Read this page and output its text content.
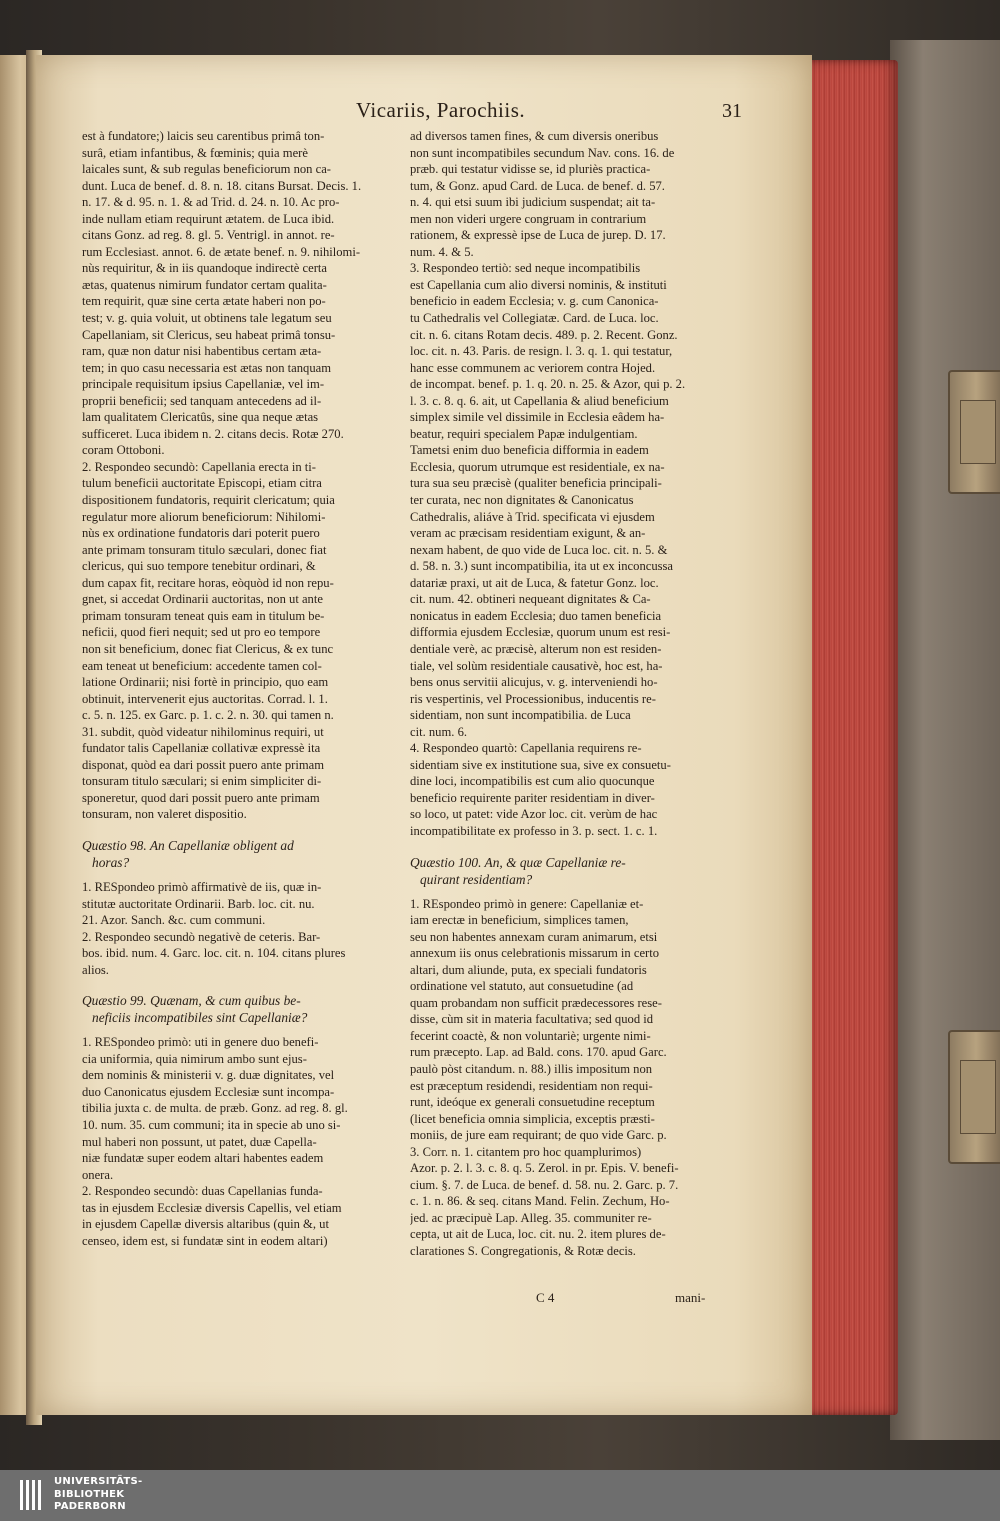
Vicariis, Parochiis.	31
est à fundatore;) laicis seu carentibus primâ ton-
surâ, etiam infantibus, & fœminis; quia merè
laicales sunt, & sub regulas beneficiorum non ca-
dunt. Luca de benef. d. 8. n. 18. citans Bursat. Decis. 1.
n. 17. & d. 95. n. 1. & ad Trid. d. 24. n. 10. Ac pro-
inde nullam etiam requirunt ætatem. de Luca ibid.
citans Gonz. ad reg. 8. gl. 5. Ventrigl. in annot. re-
rum Ecclesiast. annot. 6. de ætate benef. n. 9. nihilomi-
nùs requiritur, & in iis quandoque indirectè certa
ætas, quatenus nimirum fundator certam qualita-
tem requirit, quæ sine certa ætate haberi non po-
test; v. g. quia voluit, ut obtinens tale legatum seu
Capellaniam, sit Clericus, seu habeat primâ tonsu-
ram, quæ non datur nisi habentibus certam æta-
tem; in quo casu necessaria est ætas non tanquam
principale requisitum ipsius Capellaniæ, vel im-
proprii beneficii; sed tanquam antecedens ad il-
lam qualitatem Clericatûs, sine qua neque ætas
sufficeret. Luca ibidem n. 2. citans decis. Rotæ 270.
coram Ottoboni.
2. Respondeo secundò: Capellania erecta in ti-
tulum beneficii auctoritate Episcopi, etiam citra
dispositionem fundatoris, requirit clericatum; quia
regulatur more aliorum beneficiorum: Nihilomi-
nùs ex ordinatione fundatoris dari poterit puero
ante primam tonsuram titulo sæculari, donec fiat
clericus, qui suo tempore tenebitur ordinari, &
dum capax fit, recitare horas, eòquòd id non repu-
gnet, si accedat Ordinarii auctoritas, non ut ante
primam tonsuram teneat quis eam in titulum be-
neficii, quod fieri nequit; sed ut pro eo tempore
non sit beneficium, donec fiat Clericus, & ex tunc
eam teneat ut beneficium: accedente tamen col-
latione Ordinarii; nisi fortè in principio, quo eam
obtinuit, intervenerit ejus auctoritas. Corrad. l. 1.
c. 5. n. 125. ex Garc. p. 1. c. 2. n. 30. qui tamen n.
31. subdit, quòd videatur nihilominus requiri, ut
fundator talis Capellaniæ collativæ expressè ita
disponat, quòd ea dari possit puero ante primam
tonsuram titulo sæculari; si enim simpliciter di-
sponeretur, quod dari possit puero ante primam
tonsuram, non valeret dispositio.
Quæstio 98. An Capellaniæ obligent ad
horas?
1. RESpondeo primò affirmativè de iis, quæ in-
stitutæ auctoritate Ordinarii. Barb. loc. cit. nu.
21. Azor. Sanch. &c. cum communi.
2. Respondeo secundò negativè de ceteris. Bar-
bos. ibid. num. 4. Garc. loc. cit. n. 104. citans plures
alios.
Quæstio 99. Quænam, & cum quibus be-
neficiis incompatibiles sint Capellaniæ?
1. RESpondeo primò: uti in genere duo benefi-
cia uniformia, quia nimirum ambo sunt ejus-
dem nominis & ministerii v. g. duæ dignitates, vel
duo Canonicatus ejusdem Ecclesiæ sunt incompa-
tibilia juxta c. de multa. de præb. Gonz. ad reg. 8. gl.
10. num. 35. cum communi; ita in specie ab uno si-
mul haberi non possunt, ut patet, duæ Capella-
niæ fundatæ super eodem altari habentes eadem
onera.
2. Respondeo secundò: duas Capellanias funda-
tas in ejusdem Ecclesiæ diversis Capellis, vel etiam
in ejusdem Capellæ diversis altaribus (quin &, ut
censeo, idem est, si fundatæ sint in eodem altari)
ad diversos tamen fines, & cum diversis oneribus
non sunt incompatibiles secundum Nav. cons. 16. de
præb. qui testatur vidisse se, id pluriès practica-
tum, & Gonz. apud Card. de Luca. de benef. d. 57.
n. 4. qui etsi suum ibi judicium suspendat; ait ta-
men non videri urgere congruam in contrarium
rationem, & expressè ipse de Luca de jurep. D. 17.
num. 4. & 5.
3. Respondeo tertiò: sed neque incompatibilis
est Capellania cum alio diversi nominis, & instituti
beneficio in eadem Ecclesia; v. g. cum Canonica-
tu Cathedralis vel Collegiatæ. Card. de Luca. loc.
cit. n. 6. citans Rotam decis. 489. p. 2. Recent. Gonz.
loc. cit. n. 43. Paris. de resign. l. 3. q. 1. qui testatur,
hanc esse communem ac veriorem contra Hojed.
de incompat. benef. p. 1. q. 20. n. 25. & Azor, qui p. 2.
l. 3. c. 8. q. 6. ait, ut Capellania & aliud beneficium
simplex simile vel dissimile in Ecclesia eâdem ha-
beatur, requiri specialem Papæ indulgentiam.
Tametsi enim duo beneficia difformia in eadem
Ecclesia, quorum utrumque est residentiale, ex na-
tura sua seu præcisè (qualiter beneficia principali-
ter curata, nec non dignitates & Canonicatus
Cathedralis, aliáve à Trid. specificata vi ejusdem
veram ac præcisam residentiam exigunt, & an-
nexam habent, de quo vide de Luca loc. cit. n. 5. &
d. 58. n. 3.) sunt incompatibilia, ita ut ex inconcussa
datariæ praxi, ut ait de Luca, & fatetur Gonz. loc.
cit. num. 42. obtineri nequeant dignitates & Ca-
nonicatus in eadem Ecclesia; duo tamen beneficia
difformia ejusdem Ecclesiæ, quorum unum est resi-
dentiale verè, ac præcisè, alterum non est residen-
tiale, vel solùm residentiale causativè, hoc est, ha-
bens onus servitii alicujus, v. g. interveniendi ho-
ris vespertinis, vel Processionibus, inducentis re-
sidentiam, non sunt incompatibilia. de Luca
cit. num. 6.
4. Respondeo quartò: Capellania requirens re-
sidentiam sive ex institutione sua, sive ex consuetu-
dine loci, incompatibilis est cum alio quocunque
beneficio requirente pariter residentiam in diver-
so loco, ut patet: vide Azor loc. cit. verùm de hac
incompatibilitate ex professo in 3. p. sect. 1. c. 1.
Quæstio 100. An, & quæ Capellaniæ re-
quirant residentiam?
1. REspondeo primò in genere: Capellaniæ et-
iam erectæ in beneficium, simplices tamen,
seu non habentes annexam curam animarum, etsi
annexum iis onus celebrationis missarum in certo
altari, dum aliunde, puta, ex speciali fundatoris
ordinatione vel statuto, aut consuetudine (ad
quam probandam non sufficit prædecessores rese-
disse, cùm sit in materia facultativa; sed quod id
fecerint coactè, & non voluntariè; urgente nimi-
rum præcepto. Lap. ad Bald. cons. 170. apud Garc.
paulò pòst citandum. n. 88.) illis impositum non
est præceptum residendi, residentiam non requi-
runt, ideóque ex generali consuetudine receptum
(licet beneficia omnia simplicia, exceptis præsti-
moniis, de jure eam requirant; de quo vide Garc. p.
3. Corr. n. 1. citantem pro hoc quamplurimos)
Azor. p. 2. l. 3. c. 8. q. 5. Zerol. in pr. Epis. V. benefi-
cium. §. 7. de Luca. de benef. d. 58. nu. 2. Garc. p. 7.
c. 1. n. 86. & seq. citans Mand. Felin. Zechum, Ho-
jed. ac præcipuè Lap. Alleg. 35. communiter re-
cepta, ut ait de Luca, loc. cit. nu. 2. item plures de-
clarationes S. Congregationis, & Rotæ decis.
C 4	mani-
UNIVERSITÄTS-
BIBLIOTHEK
PADERBORN
